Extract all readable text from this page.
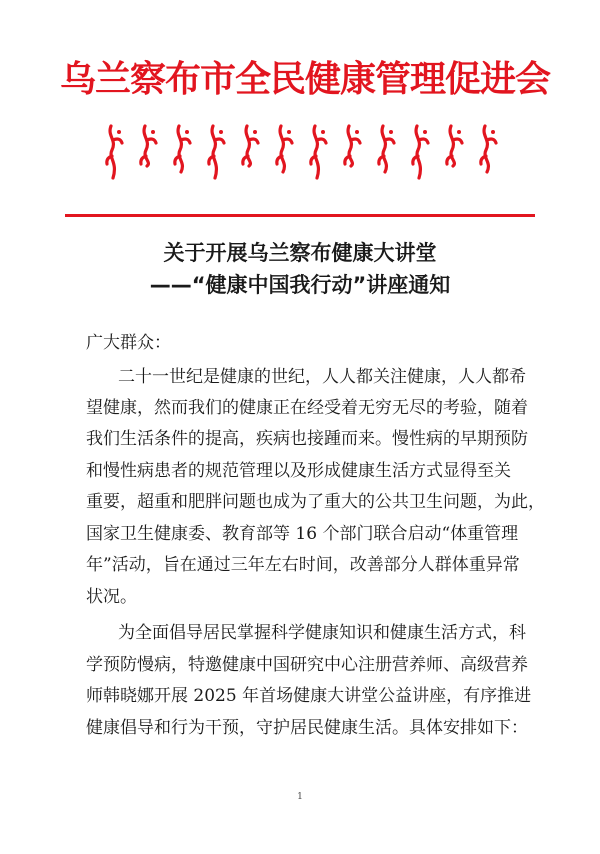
乌兰察布市全民健康管理促进会
关于开展乌兰察布健康大讲堂
——“健康中国我行动”讲座通知
广大群众：
二十一世纪是健康的世纪，人人都关注健康，人人都希
望健康，然而我们的健康正在经受着无穷无尽的考验，随着
我们生活条件的提高，疾病也接踵而来。慢性病的早期预防
和慢性病患者的规范管理以及形成健康生活方式显得至关
重要，超重和肥胖问题也成为了重大的公共卫生问题，为此，
国家卫生健康委、教育部等 16 个部门联合启动“体重管理
年”活动，旨在通过三年左右时间，改善部分人群体重异常
状况。
为全面倡导居民掌握科学健康知识和健康生活方式，科
学预防慢病，特邀健康中国研究中心注册营养师、高级营养
师韩晓娜开展 2025 年首场健康大讲堂公益讲座，有序推进
健康倡导和行为干预，守护居民健康生活。具体安排如下：
1
